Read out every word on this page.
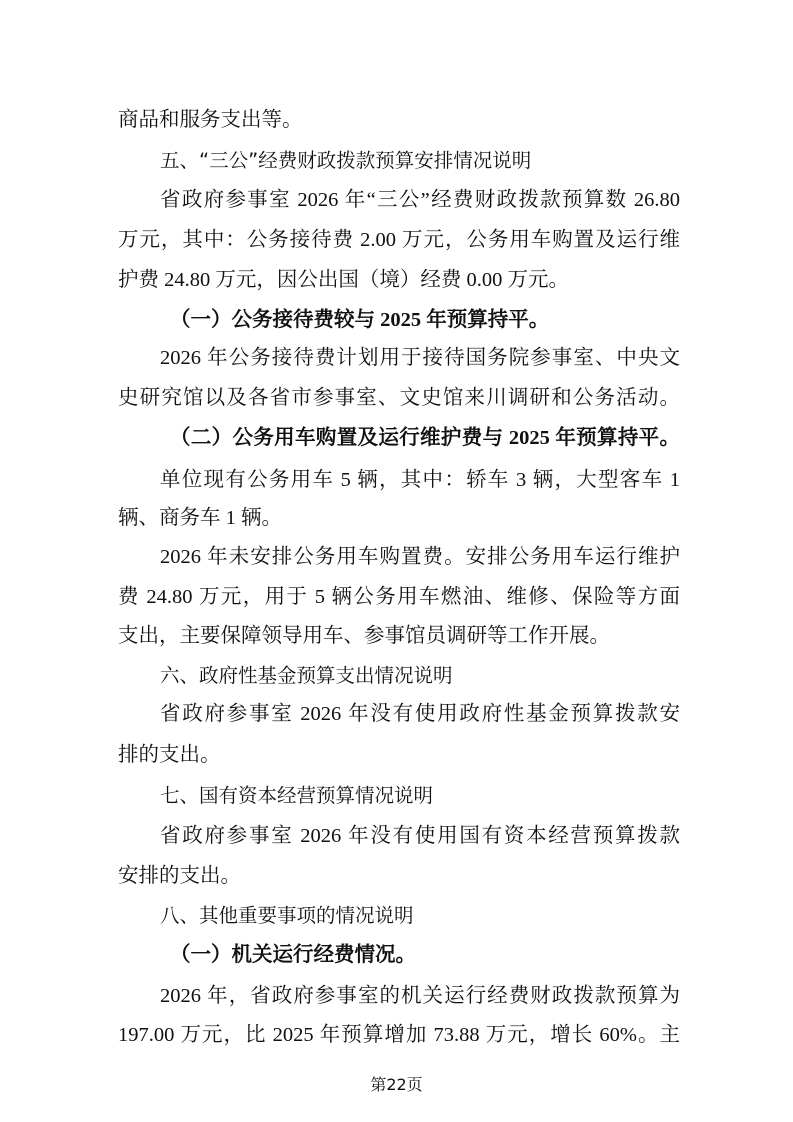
商品和服务支出等。
五、“三公”经费财政拨款预算安排情况说明
省政府参事室 2026 年“三公”经费财政拨款预算数 26.80
万元，其中：公务接待费 2.00 万元，公务用车购置及运行维
护费 24.80 万元，因公出国（境）经费 0.00 万元。
（一）公务接待费较与 2025 年预算持平。
2026 年公务接待费计划用于接待国务院参事室、中央文
史研究馆以及各省市参事室、文史馆来川调研和公务活动。
（二）公务用车购置及运行维护费与 2025 年预算持平。
单位现有公务用车 5 辆，其中：轿车 3 辆，大型客车 1
辆、商务车 1 辆。
2026 年未安排公务用车购置费。安排公务用车运行维护
费 24.80 万元，用于 5 辆公务用车燃油、维修、保险等方面
支出，主要保障领导用车、参事馆员调研等工作开展。
六、政府性基金预算支出情况说明
省政府参事室 2026 年没有使用政府性基金预算拨款安
排的支出。
七、国有资本经营预算情况说明
省政府参事室 2026 年没有使用国有资本经营预算拨款
安排的支出。
八、其他重要事项的情况说明
（一）机关运行经费情况。
2026 年，省政府参事室的机关运行经费财政拨款预算为
197.00 万元，比 2025 年预算增加 73.88 万元，增长 60%。主
第22页
